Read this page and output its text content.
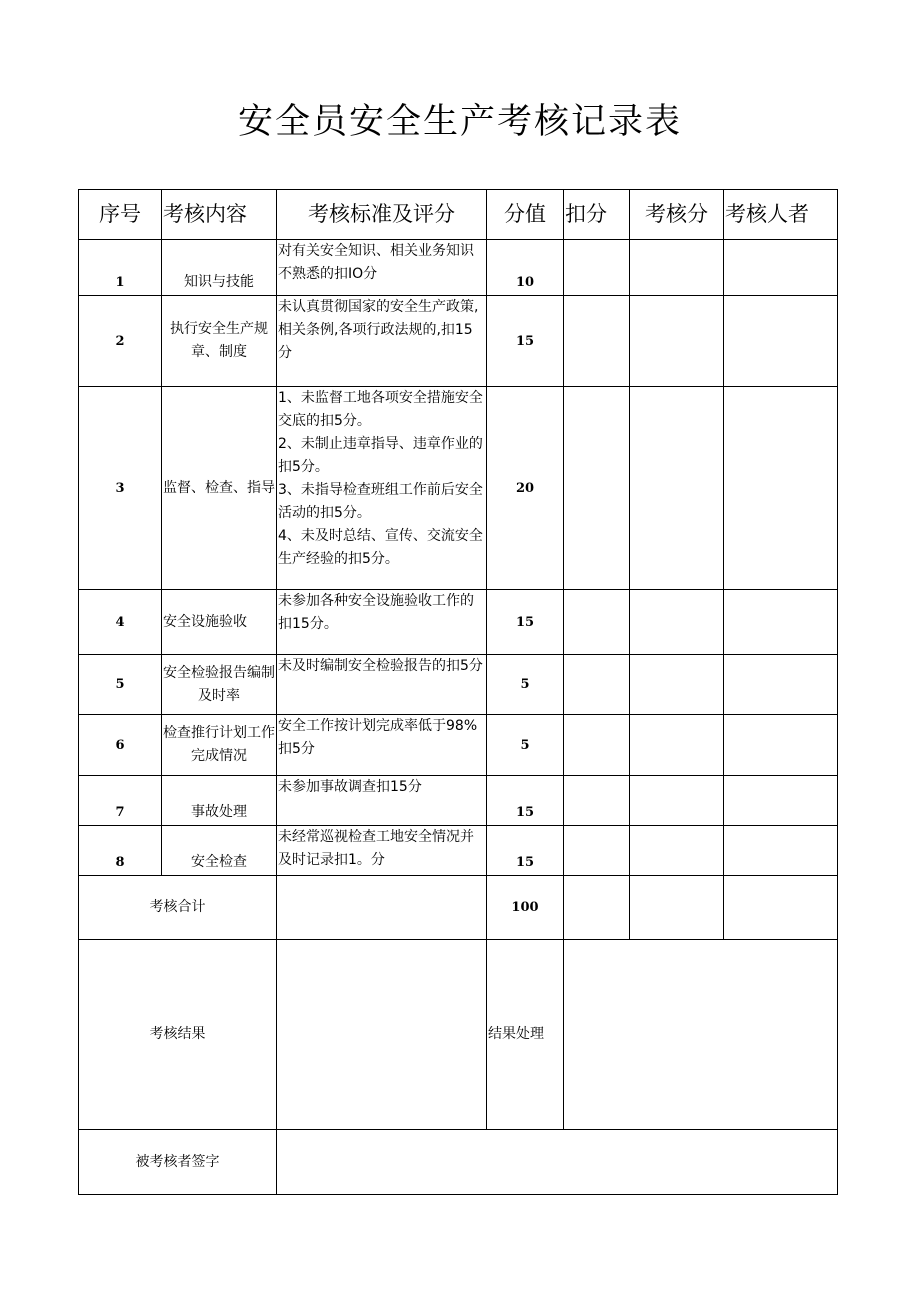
安全员安全生产考核记录表
序号	考核内容	考核标准及评分	分值	扣分	考核分	考核人者
1	知识与技能	对有关安全知识、相关业务知识不熟悉的扣IO分	10			
2	执行安全生产规章、制度	未认真贯彻国家的安全生产政策,相关条例,各项行政法规的,扣15分	15			
3	监督、检查、指导	1、未监督工地各项安全措施安全交底的扣5分。
2、未制止违章指导、违章作业的扣5分。
3、未指导检查班组工作前后安全活动的扣5分。
4、未及时总结、宣传、交流安全生产经验的扣5分。	20			
4	安全设施验收	未参加各种安全设施验收工作的扣15分。	15			
5	安全检验报告编制及时率	未及时编制安全检验报告的扣5分	5			
6	检查推行计划工作完成情况	安全工作按计划完成率低于98%扣5分	5			
7	事故处理	未参加事故调查扣15分	15			
8	安全检查	未经常巡视检查工地安全情况并及时记录扣1。分	15			
考核合计			100			
考核结果			结果处理			
被考核者签字						
